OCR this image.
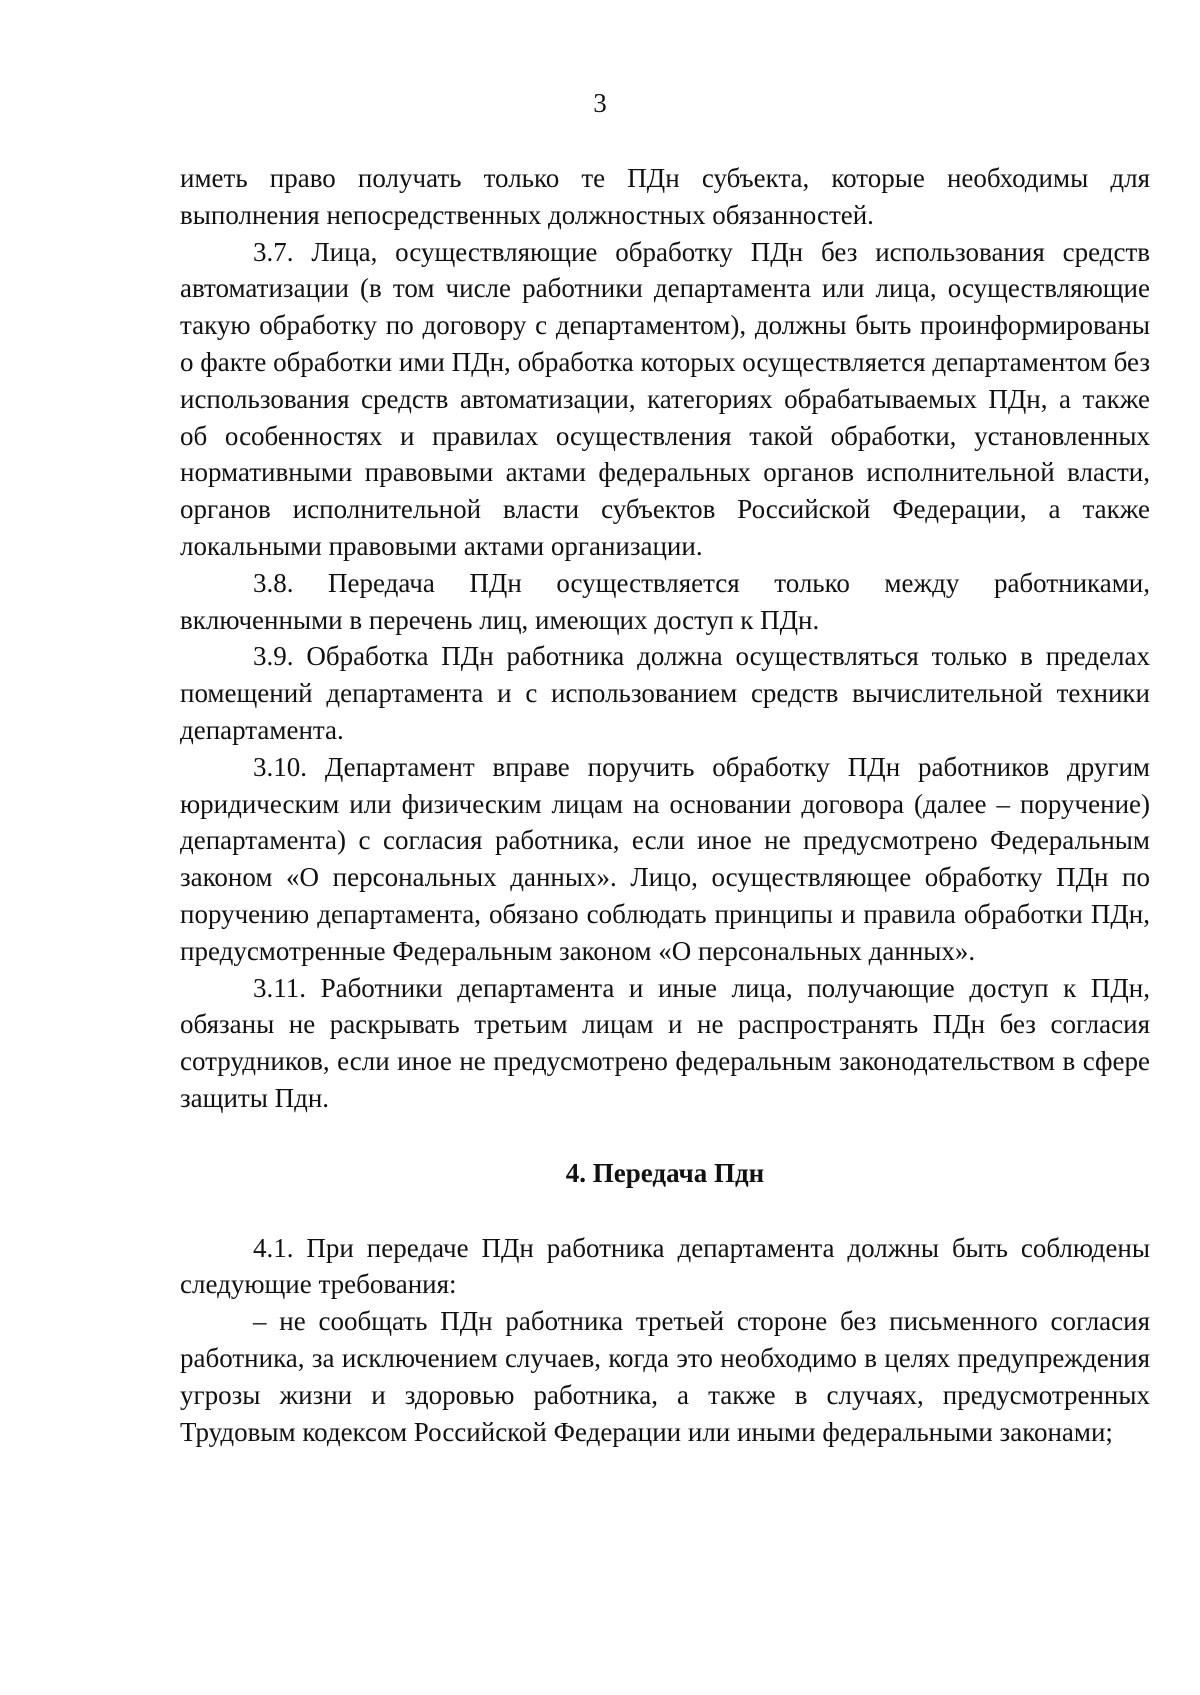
3

иметь право получать только те ПДн субъекта, которые необходимы для выполнения непосредственных должностных обязанностей.

3.7. Лица, осуществляющие обработку ПДн без использования средств автоматизации (в том числе работники департамента или лица, осуществляющие такую обработку по договору с департаментом), должны быть проинформированы о факте обработки ими ПДн, обработка которых осуществляется департаментом без использования средств автоматизации, категориях обрабатываемых ПДн, а также об особенностях и правилах осуществления такой обработки, установленных нормативными правовыми актами федеральных органов исполнительной власти, органов исполнительной власти субъектов Российской Федерации, а также локальными правовыми актами организации.

3.8. Передача ПДн осуществляется только между работниками, включенными в перечень лиц, имеющих доступ к ПДн.

3.9. Обработка ПДн работника должна осуществляться только в пределах помещений департамента и с использованием средств вычислительной техники департамента.

3.10. Департамент вправе поручить обработку ПДн работников другим юридическим или физическим лицам на основании договора (далее – поручение) департамента) с согласия работника, если иное не предусмотрено Федеральным законом «О персональных данных». Лицо, осуществляющее обработку ПДн по поручению департамента, обязано соблюдать принципы и правила обработки ПДн, предусмотренные Федеральным законом «О персональных данных».

3.11. Работники департамента и иные лица, получающие доступ к ПДн, обязаны не раскрывать третьим лицам и не распространять ПДн без согласия сотрудников, если иное не предусмотрено федеральным законодательством в сфере защиты Пдн.

4. Передача Пдн

4.1. При передаче ПДн работника департамента должны быть соблюдены следующие требования:

– не сообщать ПДн работника третьей стороне без письменного согласия работника, за исключением случаев, когда это необходимо в целях предупреждения угрозы жизни и здоровью работника, а также в случаях, предусмотренных Трудовым кодексом Российской Федерации или иными федеральными законами;
